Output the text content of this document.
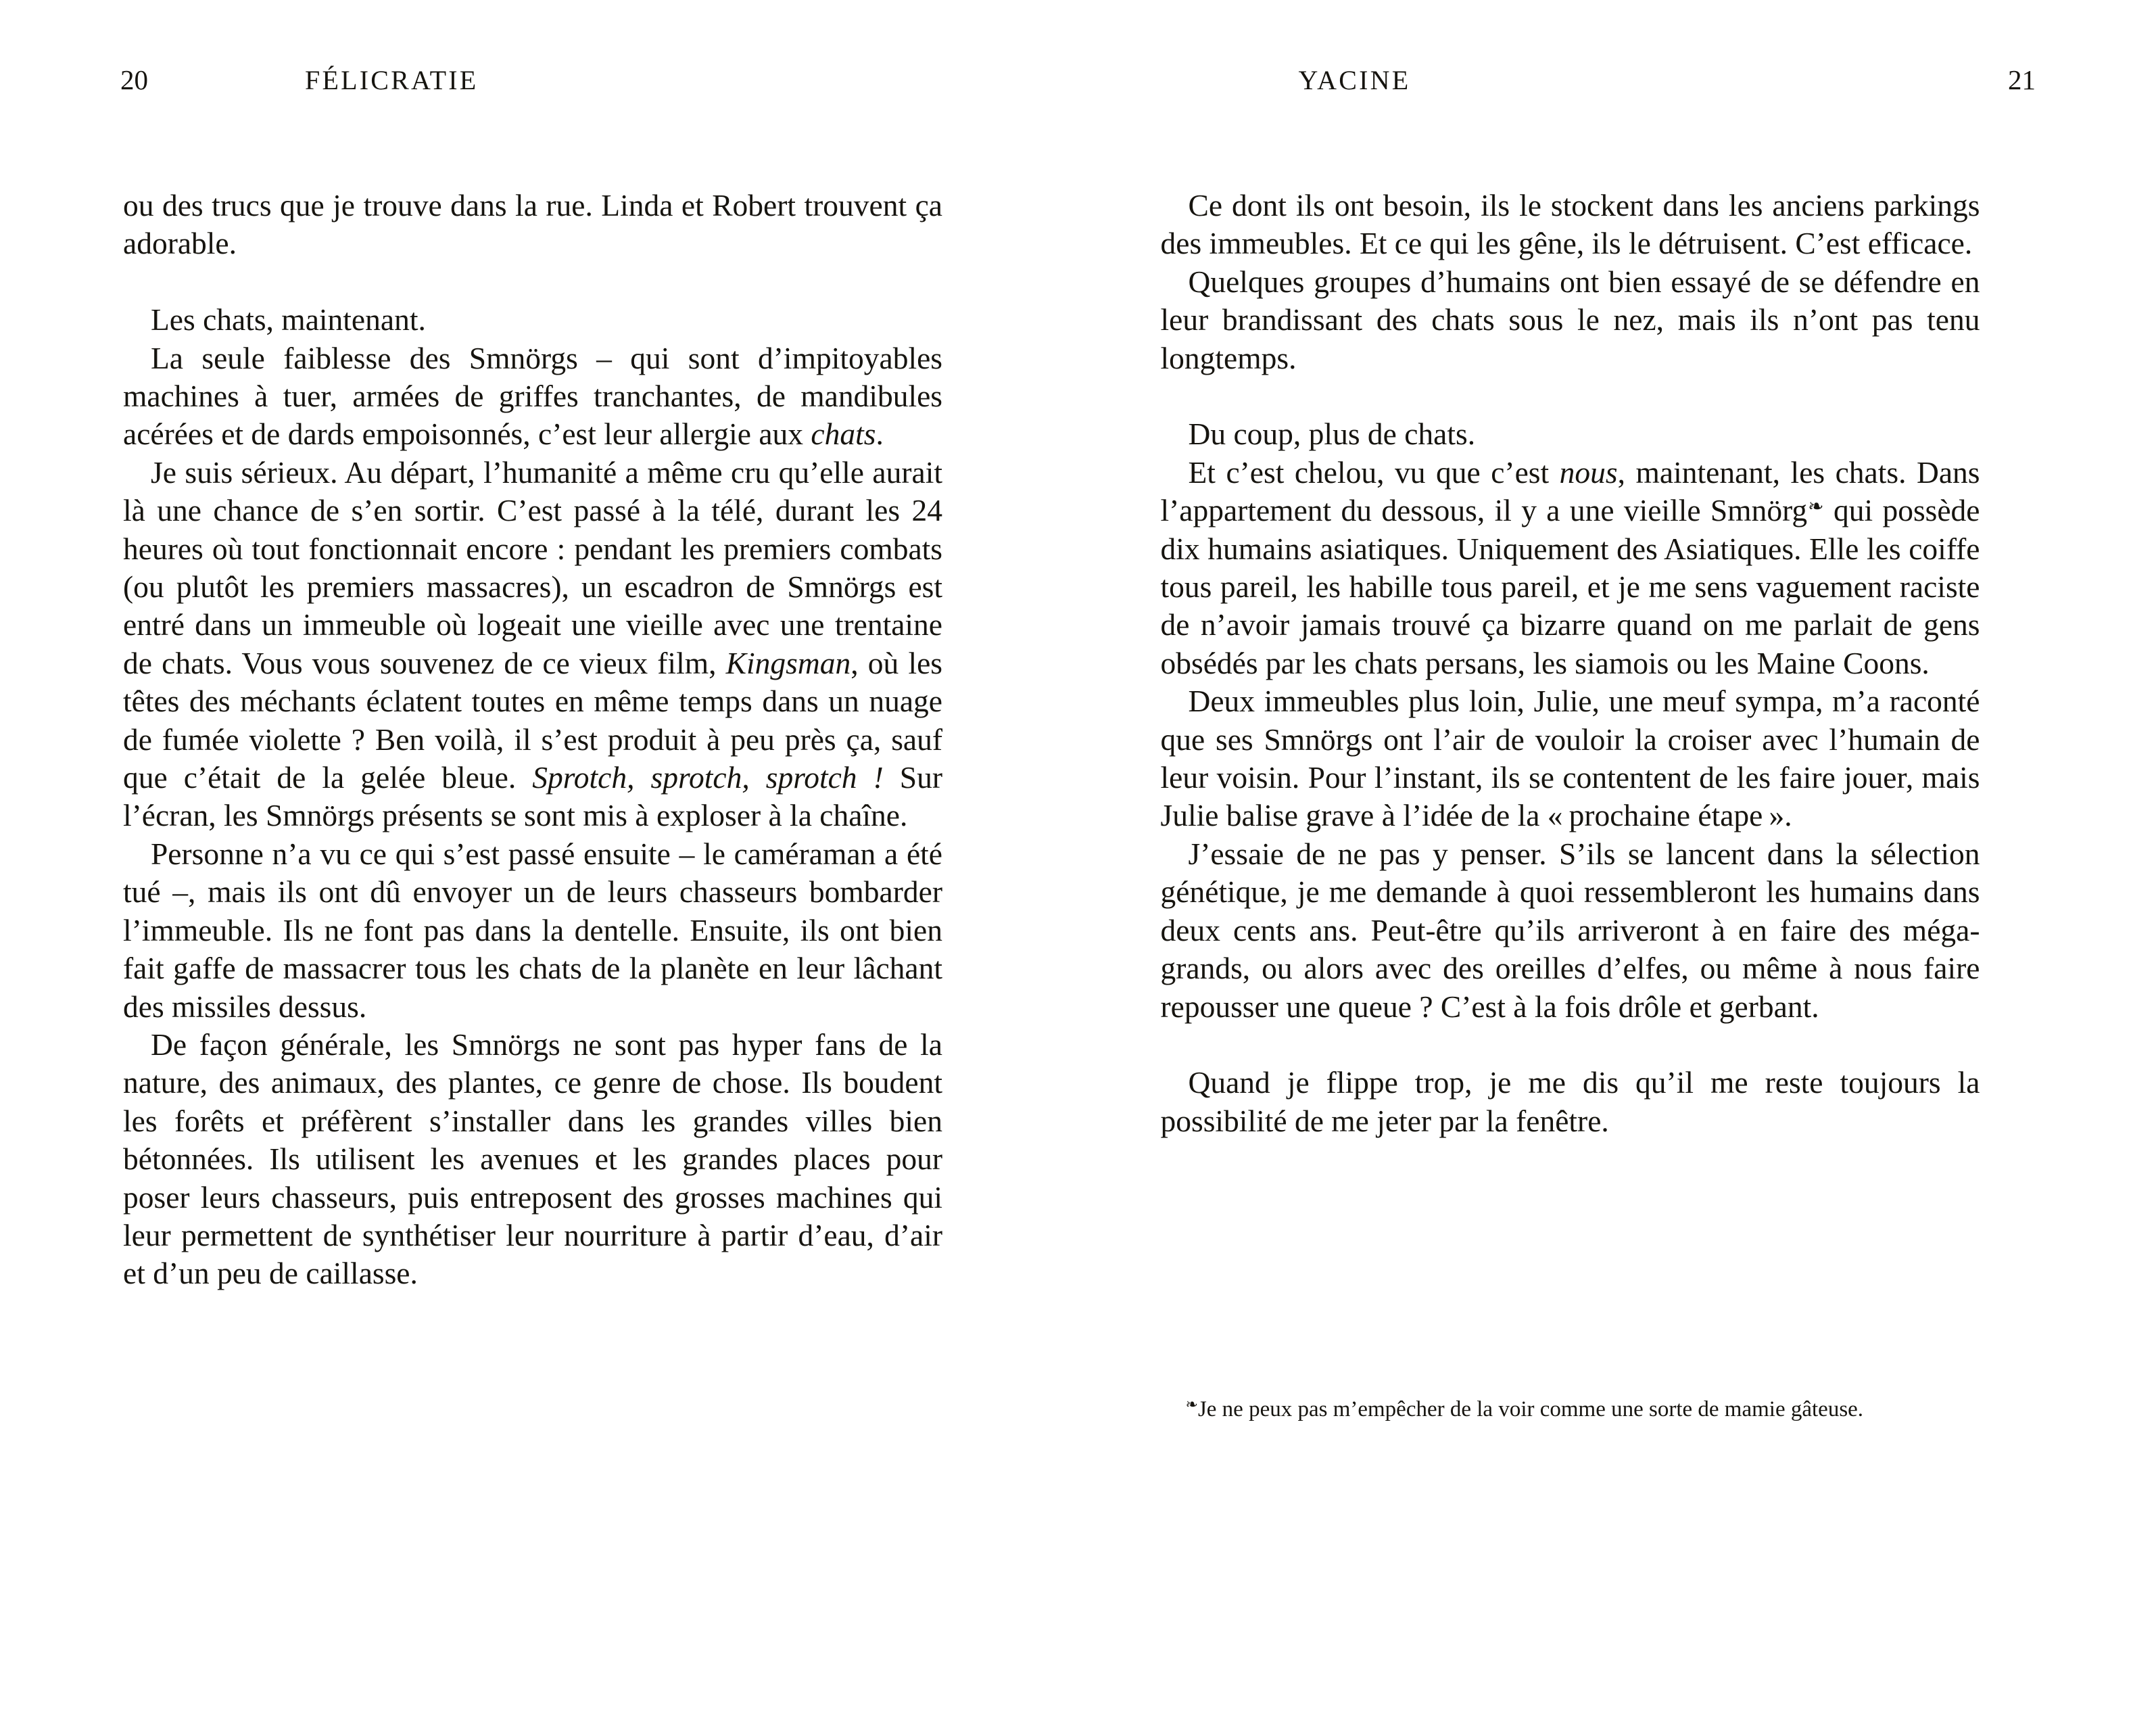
20	FÉLICRATIE

ou des trucs que je trouve dans la rue. Linda et Robert trouvent ça adorable.

Les chats, maintenant.

La seule faiblesse des Smnörgs – qui sont d’impitoyables machines à tuer, armées de griffes tranchantes, de mandibules acérées et de dards empoisonnés, c’est leur allergie aux chats.

Je suis sérieux. Au départ, l’humanité a même cru qu’elle aurait là une chance de s’en sortir. C’est passé à la télé, durant les 24 heures où tout fonctionnait encore : pendant les premiers combats (ou plutôt les premiers massacres), un escadron de Smnörgs est entré dans un immeuble où logeait une vieille avec une trentaine de chats. Vous vous souvenez de ce vieux film, Kingsman, où les têtes des méchants éclatent toutes en même temps dans un nuage de fumée violette ? Ben voilà, il s’est produit à peu près ça, sauf que c’était de la gelée bleue. Sprotch, sprotch, sprotch ! Sur l’écran, les Smnörgs présents se sont mis à exploser à la chaîne.

Personne n’a vu ce qui s’est passé ensuite – le caméraman a été tué –, mais ils ont dû envoyer un de leurs chasseurs bombarder l’immeuble. Ils ne font pas dans la dentelle. Ensuite, ils ont bien fait gaffe de massacrer tous les chats de la planète en leur lâchant des missiles dessus.

De façon générale, les Smnörgs ne sont pas hyper fans de la nature, des animaux, des plantes, ce genre de chose. Ils boudent les forêts et préfèrent s’installer dans les grandes villes bien bétonnées. Ils utilisent les avenues et les grandes places pour poser leurs chasseurs, puis entreposent des grosses machines qui leur permettent de synthétiser leur nourriture à partir d’eau, d’air et d’un peu de caillasse.

YACINE	21

Ce dont ils ont besoin, ils le stockent dans les anciens parkings des immeubles. Et ce qui les gêne, ils le détruisent. C’est efficace.

Quelques groupes d’humains ont bien essayé de se défendre en leur brandissant des chats sous le nez, mais ils n’ont pas tenu longtemps.

Du coup, plus de chats.

Et c’est chelou, vu que c’est nous, maintenant, les chats. Dans l’appartement du dessous, il y a une vieille Smnörg❧ qui possède dix humains asiatiques. Uniquement des Asiatiques. Elle les coiffe tous pareil, les habille tous pareil, et je me sens vaguement raciste de n’avoir jamais trouvé ça bizarre quand on me parlait de gens obsédés par les chats persans, les siamois ou les Maine Coons.

Deux immeubles plus loin, Julie, une meuf sympa, m’a raconté que ses Smnörgs ont l’air de vouloir la croiser avec l’humain de leur voisin. Pour l’instant, ils se contentent de les faire jouer, mais Julie balise grave à l’idée de la « prochaine étape ».

J’essaie de ne pas y penser. S’ils se lancent dans la sélection génétique, je me demande à quoi ressembleront les humains dans deux cents ans. Peut-être qu’ils arriveront à en faire des méga-grands, ou alors avec des oreilles d’elfes, ou même à nous faire repousser une queue ? C’est à la fois drôle et gerbant.

Quand je flippe trop, je me dis qu’il me reste toujours la possibilité de me jeter par la fenêtre.

❧Je ne peux pas m’empêcher de la voir comme une sorte de mamie gâteuse.
